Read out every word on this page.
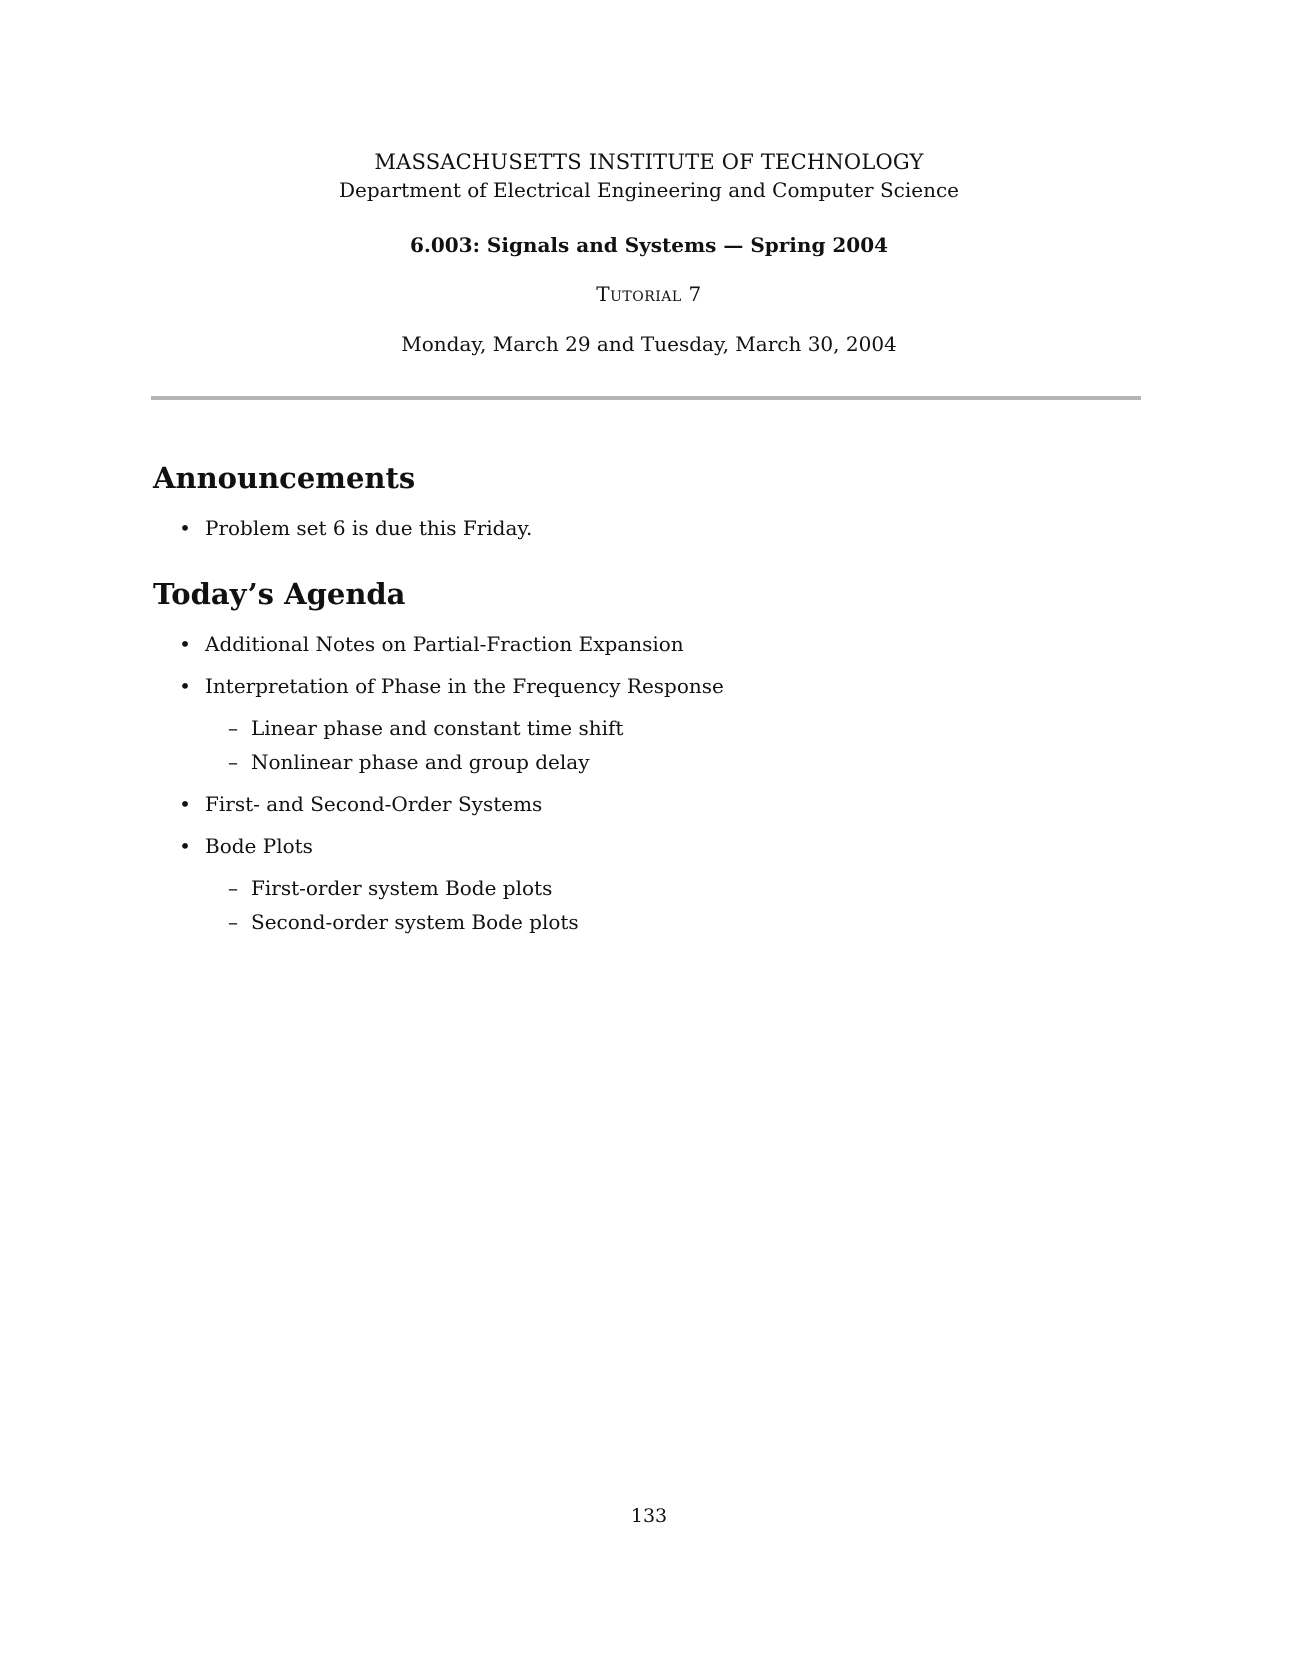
MASSACHUSETTS INSTITUTE OF TECHNOLOGY
Department of Electrical Engineering and Computer Science
6.003: Signals and Systems — Spring 2004
Tutorial 7
Monday, March 29 and Tuesday, March 30, 2004
Announcements
• Problem set 6 is due this Friday.
Today’s Agenda
• Additional Notes on Partial-Fraction Expansion
• Interpretation of Phase in the Frequency Response
– Linear phase and constant time shift
– Nonlinear phase and group delay
• First- and Second-Order Systems
• Bode Plots
– First-order system Bode plots
– Second-order system Bode plots
133
